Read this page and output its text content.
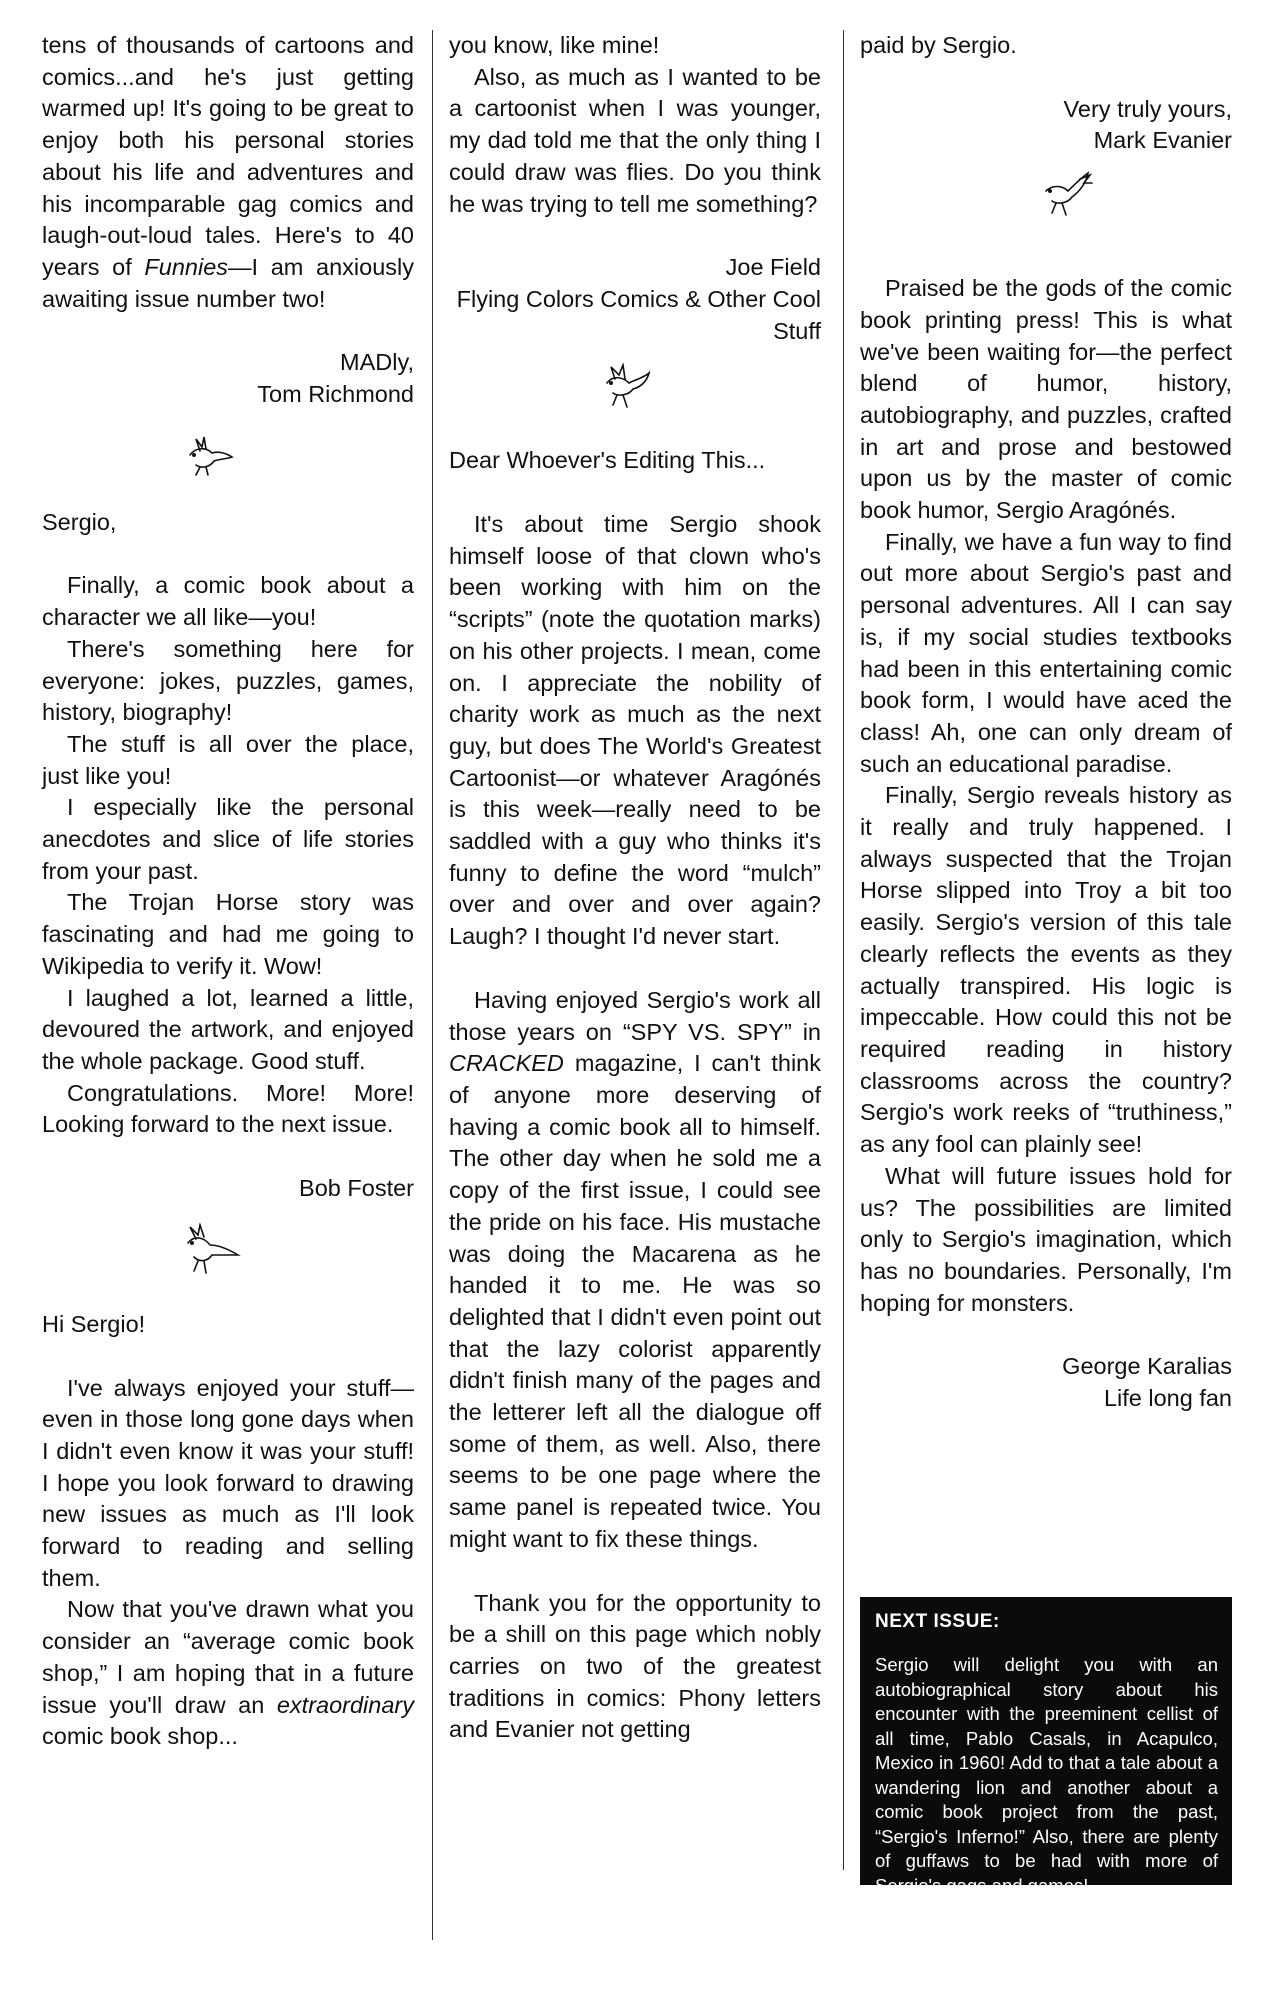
tens of thousands of cartoons and comics...and he's just getting warmed up! It's going to be great to enjoy both his personal stories about his life and adventures and his incomparable gag comics and laugh-out-loud tales. Here's to 40 years of Funnies—I am anxiously awaiting issue number two!

MADly,
Tom Richmond

Sergio,

Finally, a comic book about a character we all like—you!

There's something here for everyone: jokes, puzzles, games, history, biography!

The stuff is all over the place, just like you!

I especially like the personal anecdotes and slice of life stories from your past.

The Trojan Horse story was fascinating and had me going to Wikipedia to verify it. Wow!

I laughed a lot, learned a little, devoured the artwork, and enjoyed the whole package. Good stuff.

Congratulations. More! More! Looking forward to the next issue.

Bob Foster

Hi Sergio!

I've always enjoyed your stuff—even in those long gone days when I didn't even know it was your stuff! I hope you look forward to drawing new issues as much as I'll look forward to reading and selling them.

Now that you've drawn what you consider an “average comic book shop,” I am hoping that in a future issue you'll draw an extraordinary comic book shop...

you know, like mine!

Also, as much as I wanted to be a cartoonist when I was younger, my dad told me that the only thing I could draw was flies. Do you think he was trying to tell me something?

Joe Field
Flying Colors Comics & Other Cool Stuff

Dear Whoever's Editing This...

It's about time Sergio shook himself loose of that clown who's been working with him on the “scripts” (note the quotation marks) on his other projects. I mean, come on. I appreciate the nobility of charity work as much as the next guy, but does The World's Greatest Cartoonist—or whatever Aragónés is this week—really need to be saddled with a guy who thinks it's funny to define the word “mulch” over and over and over again? Laugh? I thought I'd never start.

Having enjoyed Sergio's work all those years on “SPY VS. SPY” in CRACKED magazine, I can't think of anyone more deserving of having a comic book all to himself. The other day when he sold me a copy of the first issue, I could see the pride on his face. His mustache was doing the Macarena as he handed it to me. He was so delighted that I didn't even point out that the lazy colorist apparently didn't finish many of the pages and the letterer left all the dialogue off some of them, as well. Also, there seems to be one page where the same panel is repeated twice. You might want to fix these things.

Thank you for the opportunity to be a shill on this page which nobly carries on two of the greatest traditions in comics: Phony letters and Evanier not getting

paid by Sergio.

Very truly yours,
Mark Evanier

Praised be the gods of the comic book printing press! This is what we've been waiting for—the perfect blend of humor, history, autobiography, and puzzles, crafted in art and prose and bestowed upon us by the master of comic book humor, Sergio Aragónés.

Finally, we have a fun way to find out more about Sergio's past and personal adventures. All I can say is, if my social studies textbooks had been in this entertaining comic book form, I would have aced the class! Ah, one can only dream of such an educational paradise.

Finally, Sergio reveals history as it really and truly happened. I always suspected that the Trojan Horse slipped into Troy a bit too easily. Sergio's version of this tale clearly reflects the events as they actually transpired. His logic is impeccable. How could this not be required reading in history classrooms across the country? Sergio's work reeks of “truthiness,” as any fool can plainly see!

What will future issues hold for us? The possibilities are limited only to Sergio's imagination, which has no boundaries. Personally, I'm hoping for monsters.

George Karalias
Life long fan
NEXT ISSUE:
Sergio will delight you with an autobiographical story about his encounter with the preeminent cellist of all time, Pablo Casals, in Acapulco, Mexico in 1960! Add to that a tale about a wandering lion and another about a comic book project from the past, “Sergio's Inferno!” Also, there are plenty of guffaws to be had with more of Sergio's gags and games!
